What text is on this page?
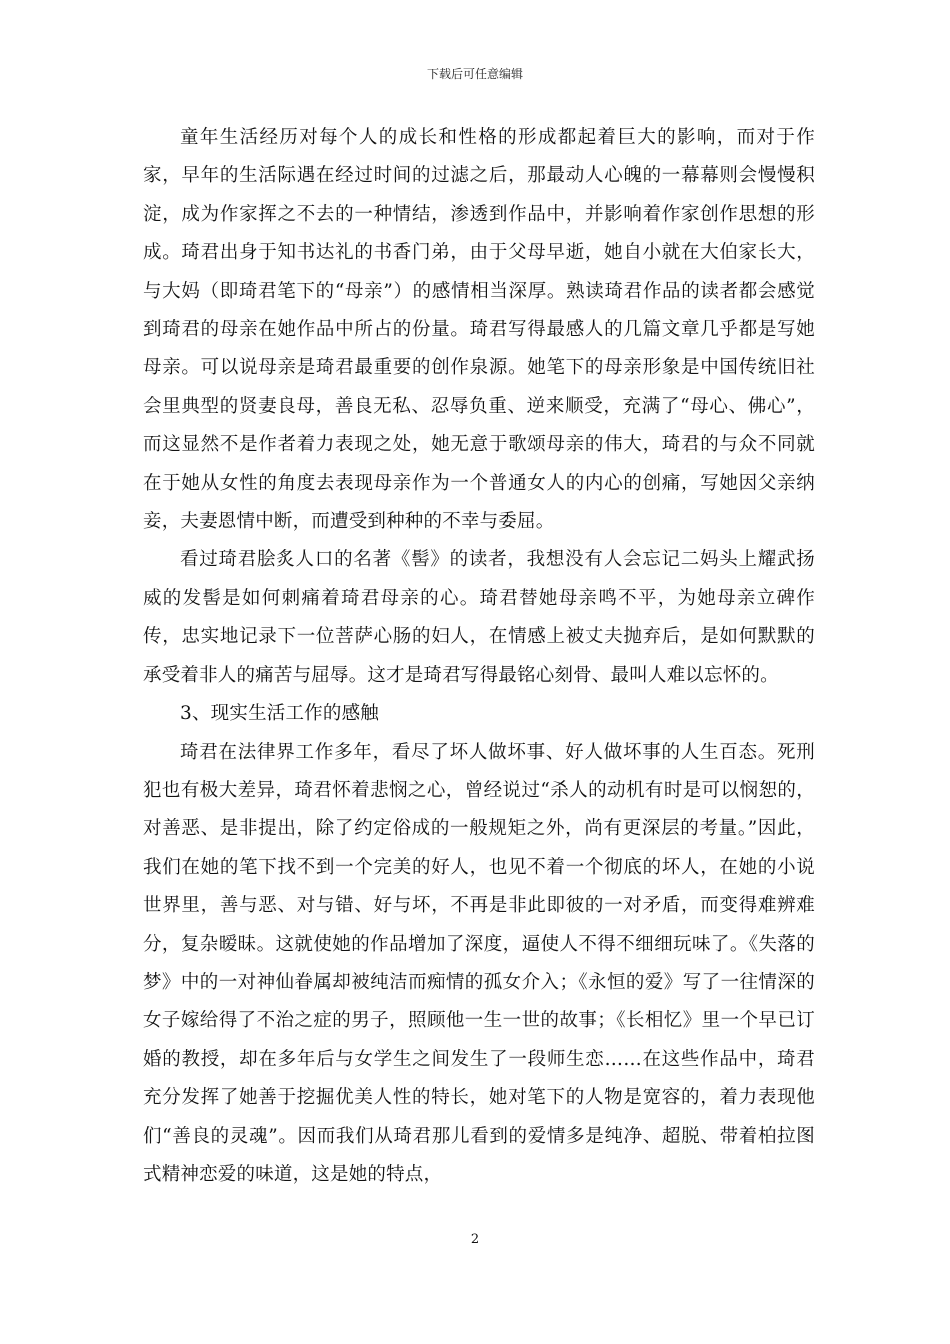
下载后可任意编辑

童年生活经历对每个人的成长和性格的形成都起着巨大的影响，而对于作家，早年的生活际遇在经过时间的过滤之后，那最动人心魄的一幕幕则会慢慢积淀，成为作家挥之不去的一种情结，渗透到作品中，并影响着作家创作思想的形成。琦君出身于知书达礼的书香门弟，由于父母早逝，她自小就在大伯家长大，与大妈（即琦君笔下的“母亲”）的感情相当深厚。熟读琦君作品的读者都会感觉到琦君的母亲在她作品中所占的份量。琦君写得最感人的几篇文章几乎都是写她母亲。可以说母亲是琦君最重要的创作泉源。她笔下的母亲形象是中国传统旧社会里典型的贤妻良母，善良无私、忍辱负重、逆来顺受，充满了“母心、佛心”，而这显然不是作者着力表现之处，她无意于歌颂母亲的伟大，琦君的与众不同就在于她从女性的角度去表现母亲作为一个普通女人的内心的创痛，写她因父亲纳妾，夫妻恩情中断，而遭受到种种的不幸与委屈。

看过琦君脍炙人口的名著《髻》的读者，我想没有人会忘记二妈头上耀武扬威的发髻是如何刺痛着琦君母亲的心。琦君替她母亲鸣不平，为她母亲立碑作传，忠实地记录下一位菩萨心肠的妇人，在情感上被丈夫抛弃后，是如何默默的承受着非人的痛苦与屈辱。这才是琦君写得最铭心刻骨、最叫人难以忘怀的。

3、现实生活工作的感触

琦君在法律界工作多年，看尽了坏人做坏事、好人做坏事的人生百态。死刑犯也有极大差异，琦君怀着悲悯之心，曾经说过“杀人的动机有时是可以悯恕的，对善恶、是非提出，除了约定俗成的一般规矩之外，尚有更深层的考量。”因此，我们在她的笔下找不到一个完美的好人，也见不着一个彻底的坏人，在她的小说世界里，善与恶、对与错、好与坏，不再是非此即彼的一对矛盾，而变得难辨难分，复杂暧昧。这就使她的作品增加了深度，逼使人不得不细细玩味了。《失落的梦》中的一对神仙眷属却被纯洁而痴情的孤女介入；《永恒的爱》写了一往情深的女子嫁给得了不治之症的男子，照顾他一生一世的故事；《长相忆》里一个早已订婚的教授，却在多年后与女学生之间发生了一段师生恋……在这些作品中，琦君充分发挥了她善于挖掘优美人性的特长，她对笔下的人物是宽容的，着力表现他们“善良的灵魂”。因而我们从琦君那儿看到的爱情多是纯净、超脱、带着柏拉图式精神恋爱的味道，这是她的特点，

2
